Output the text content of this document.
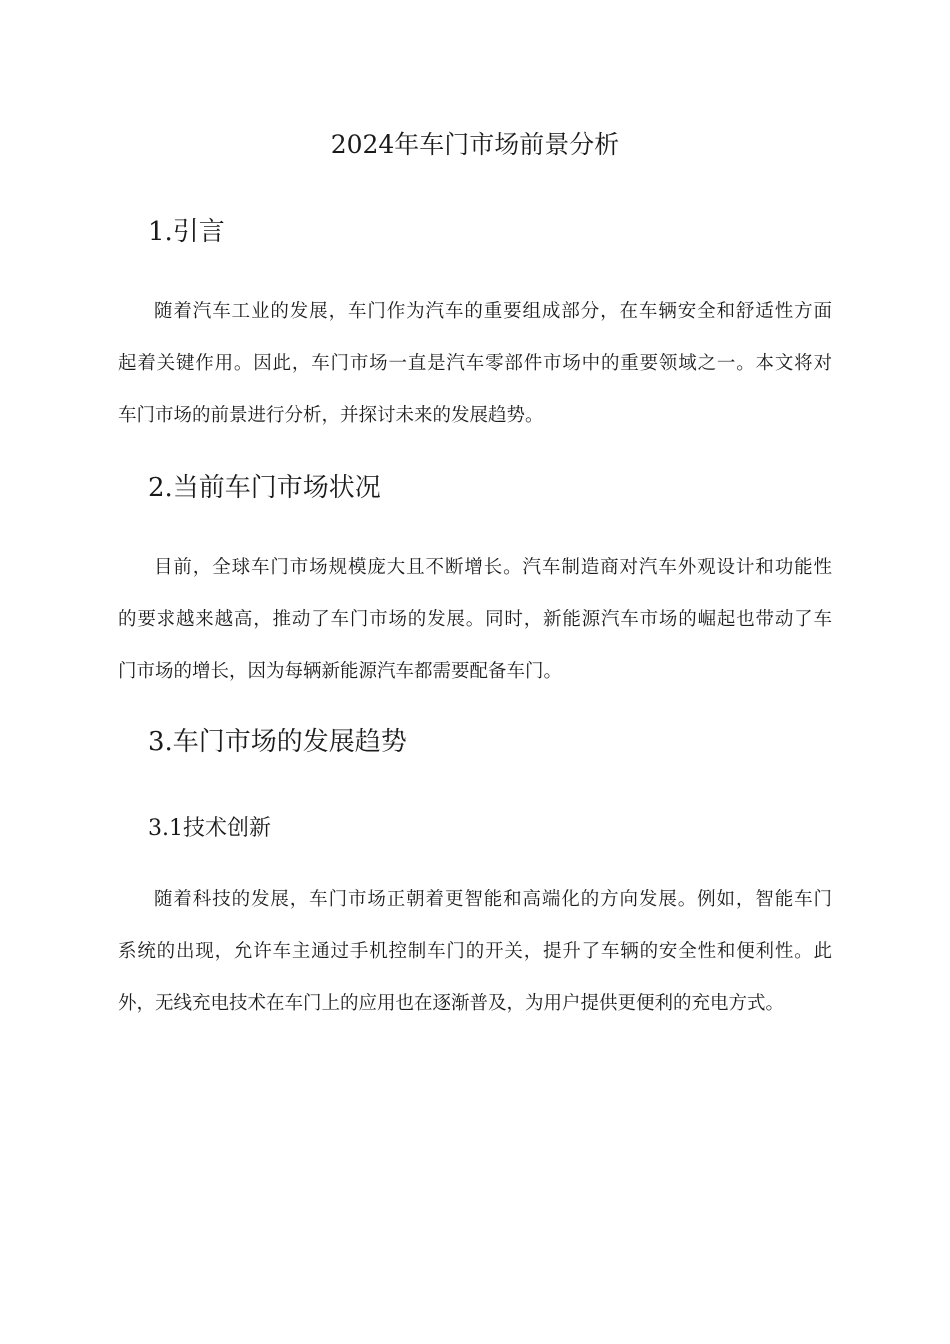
2024年车门市场前景分析
1.引言
随着汽车工业的发展，车门作为汽车的重要组成部分，在车辆安全和舒适性方面
起着关键作用。因此，车门市场一直是汽车零部件市场中的重要领域之一。本文将对
车门市场的前景进行分析，并探讨未来的发展趋势。
2.当前车门市场状况
目前，全球车门市场规模庞大且不断增长。汽车制造商对汽车外观设计和功能性
的要求越来越高，推动了车门市场的发展。同时，新能源汽车市场的崛起也带动了车
门市场的增长，因为每辆新能源汽车都需要配备车门。
3.车门市场的发展趋势
3.1技术创新
随着科技的发展，车门市场正朝着更智能和高端化的方向发展。例如，智能车门
系统的出现，允许车主通过手机控制车门的开关，提升了车辆的安全性和便利性。此
外，无线充电技术在车门上的应用也在逐渐普及，为用户提供更便利的充电方式。
